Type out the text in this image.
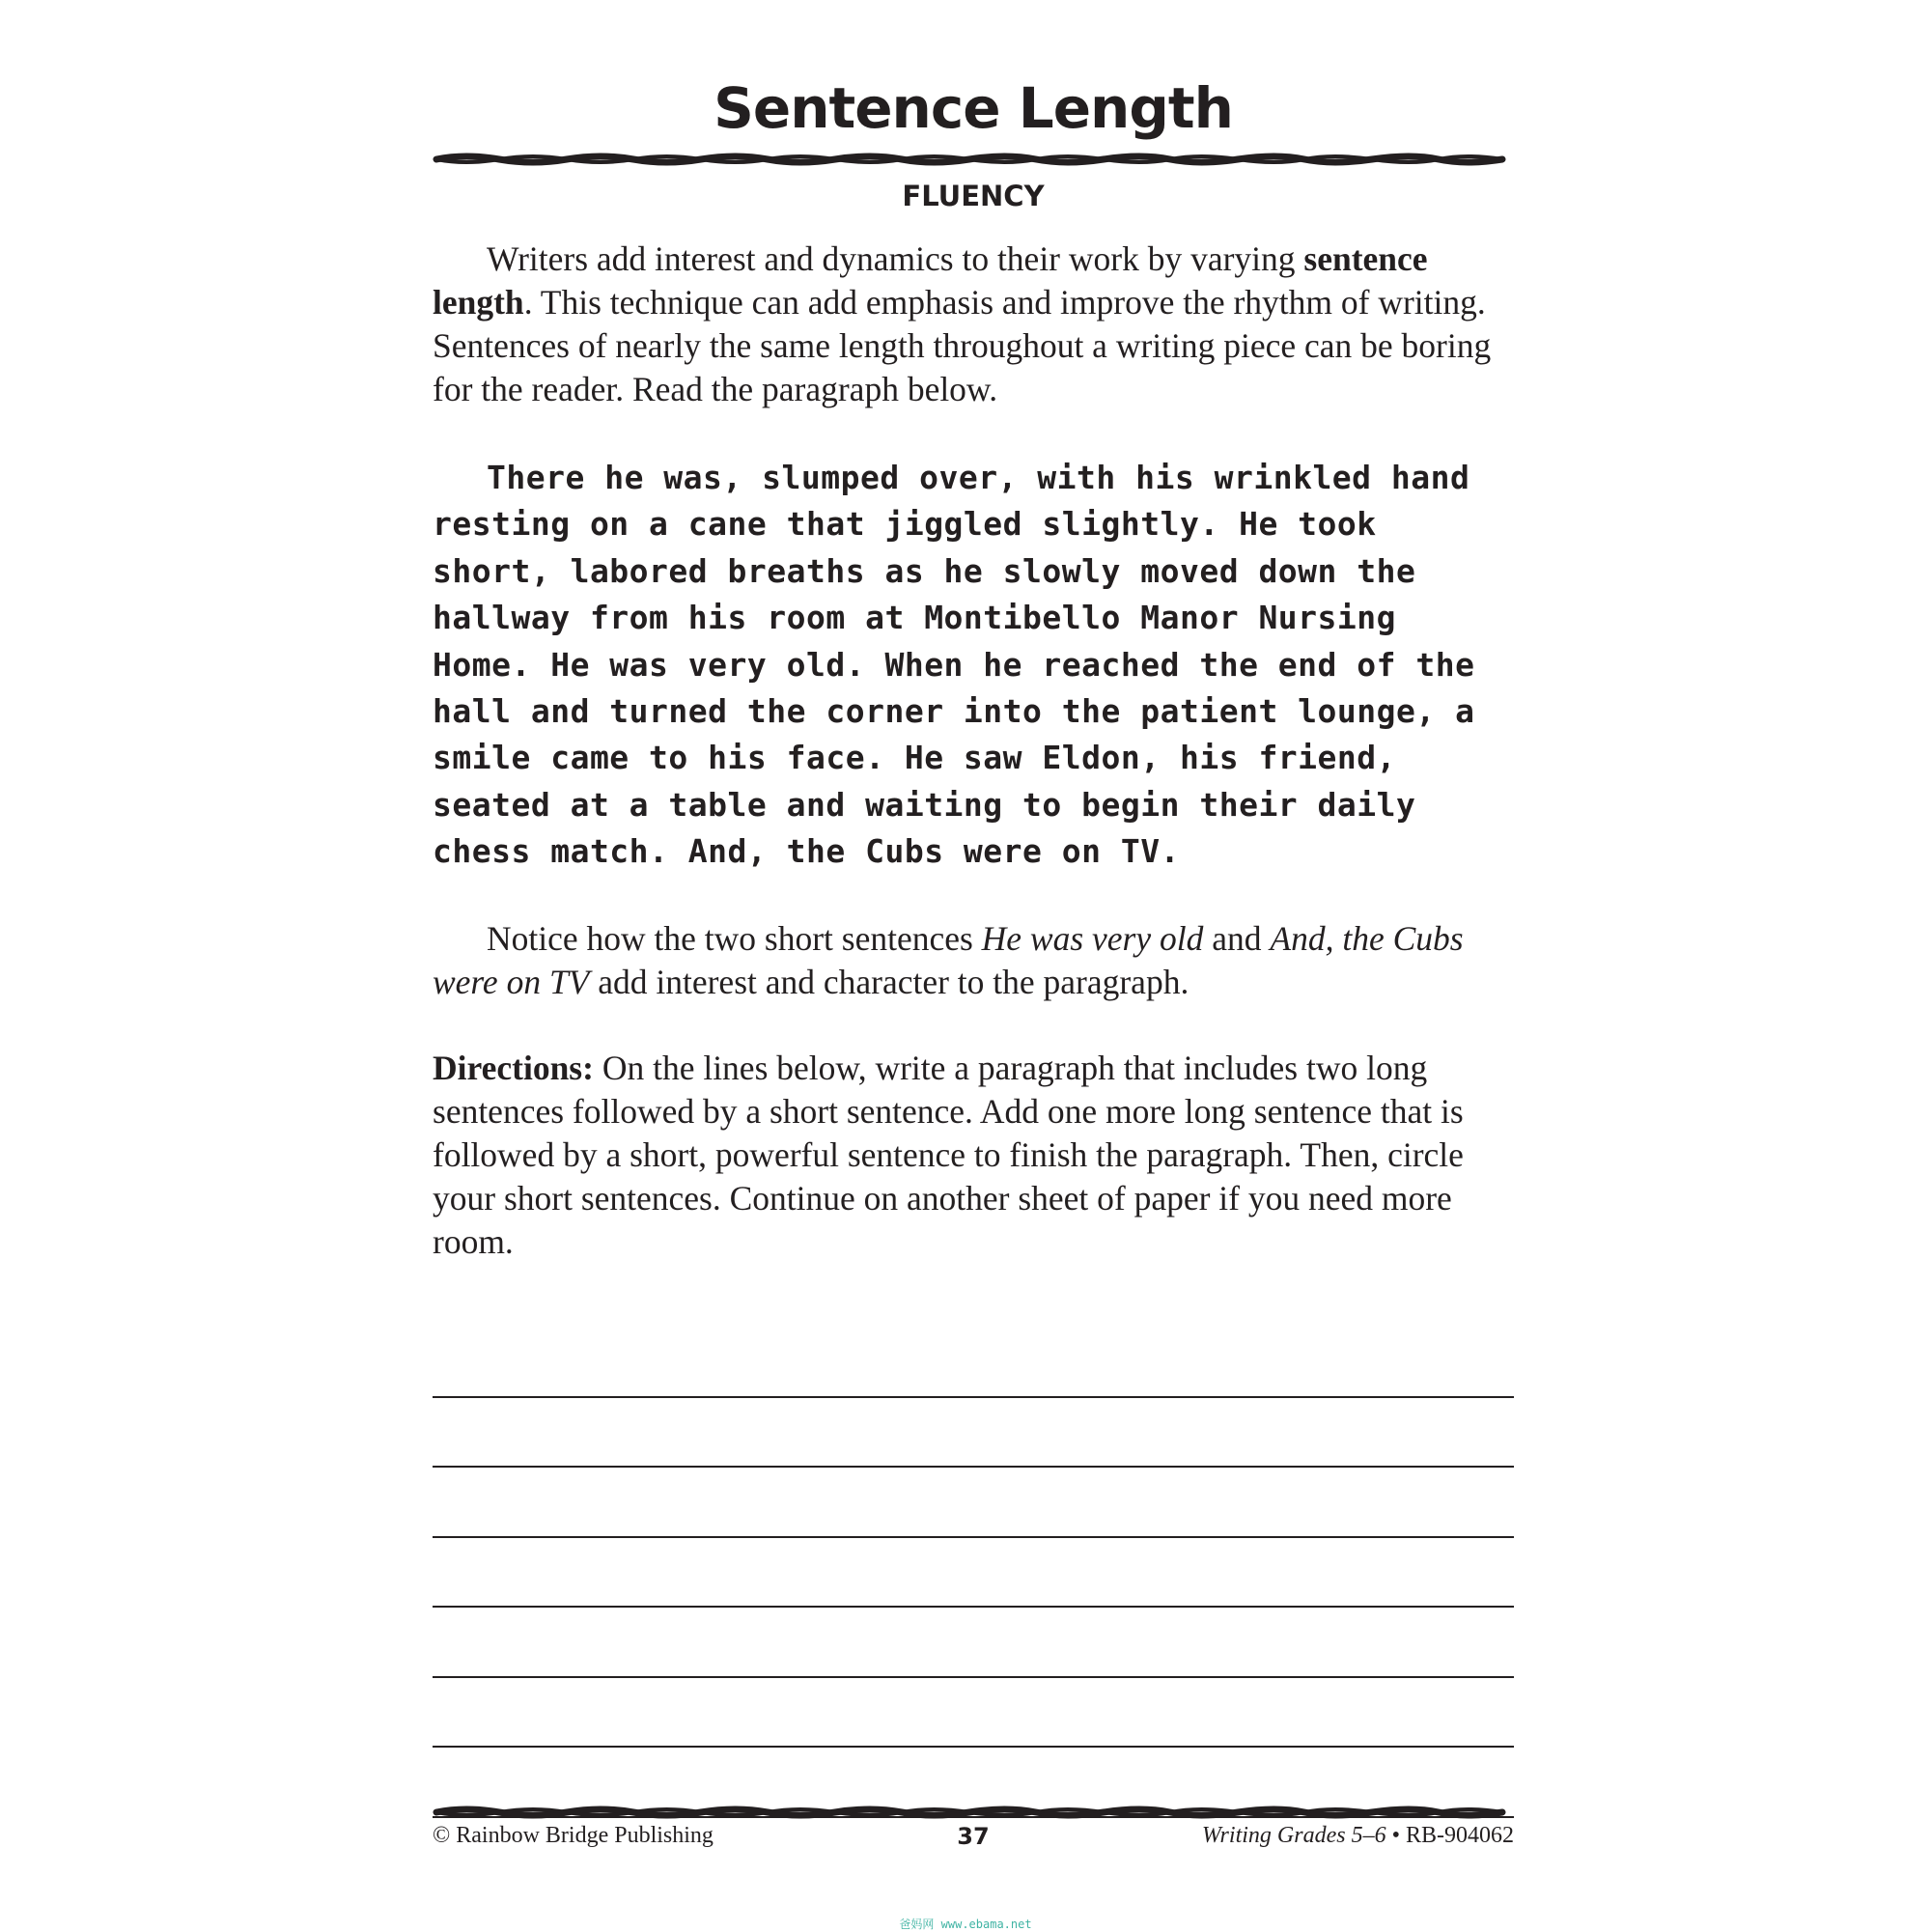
Sentence Length
FLUENCY

Writers add interest and dynamics to their work by varying sentence length. This technique can add emphasis and improve the rhythm of writing. Sentences of nearly the same length throughout a writing piece can be boring for the reader. Read the paragraph below.

There he was, slumped over, with his wrinkled hand resting on a cane that jiggled slightly. He took short, labored breaths as he slowly moved down the hallway from his room at Montibello Manor Nursing Home. He was very old. When he reached the end of the hall and turned the corner into the patient lounge, a smile came to his face. He saw Eldon, his friend, seated at a table and waiting to begin their daily chess match. And, the Cubs were on TV.

Notice how the two short sentences He was very old and And, the Cubs were on TV add interest and character to the paragraph.

Directions: On the lines below, write a paragraph that includes two long sentences followed by a short sentence. Add one more long sentence that is followed by a short, powerful sentence to finish the paragraph. Then, circle your short sentences. Continue on another sheet of paper if you need more room.

© Rainbow Bridge Publishing	37	Writing Grades 5–6 • RB-904062
爸妈网 www.ebama.net
